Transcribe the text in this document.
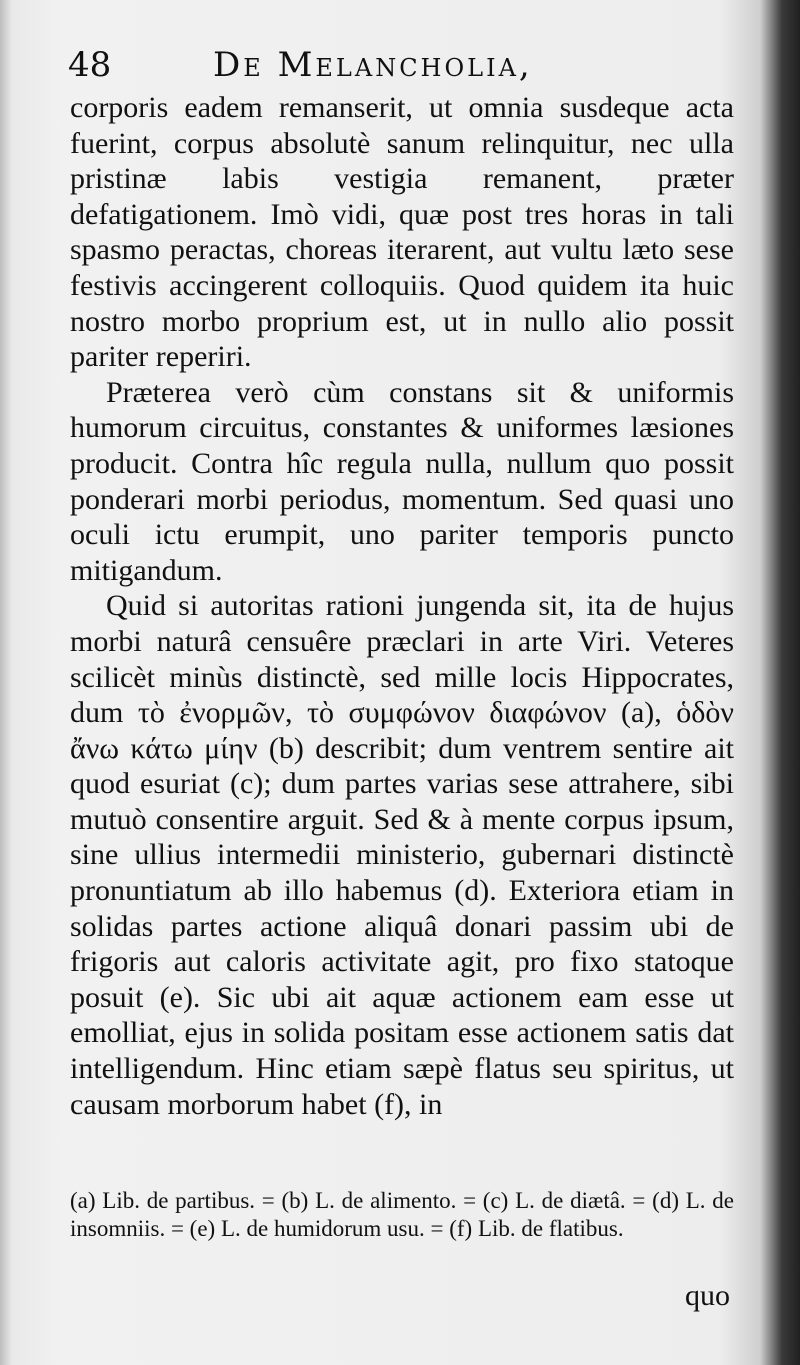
48	De Melancholia,

corporis eadem remanserit, ut omnia susdeque acta fuerint, corpus absolutè sanum relinquitur, nec ulla pristinæ labis vestigia remanent, præter defatigationem. Imò vidi, quæ post tres horas in tali spasmo peractas, choreas iterarent, aut vultu læto sese festivis accingerent colloquiis. Quod quidem ita huic nostro morbo proprium est, ut in nullo alio possit pariter reperiri.

Præterea verò cùm constans sit & uniformis humorum circuitus, constantes & uniformes læsiones producit. Contra hîc regula nulla, nullum quo possit ponderari morbi periodus, momentum. Sed quasi uno oculi ictu erumpit, uno pariter temporis puncto mitigandum.

Quid si autoritas rationi jungenda sit, ita de hujus morbi naturâ censuêre præclari in arte Viri. Veteres scilicèt minùs distinctè, sed mille locis Hippocrates, dum τὸ ἐνορμῶν, τὸ συμφώνον διαφώνον (a), ὁδὸν ἄνω κάτω μίην (b) describit; dum ventrem sentire ait quod esuriat (c); dum partes varias sese attrahere, sibi mutuò consentire arguit. Sed & à mente corpus ipsum, sine ullius intermedii ministerio, gubernari distinctè pronuntiatum ab illo habemus (d). Exteriora etiam in solidas partes actione aliquâ donari passim ubi de frigoris aut caloris activitate agit, pro fixo statoque posuit (e). Sic ubi ait aquæ actionem eam esse ut emolliat, ejus in solida positam esse actionem satis dat intelligendum. Hinc etiam sæpè flatus seu spiritus, ut causam morborum habet (f), in

(a) Lib. de partibus. = (b) L. de alimento. = (c) L. de diætâ. = (d) L. de insomniis. = (e) L. de humidorum usu. = (f) Lib. de flatibus.
quo
